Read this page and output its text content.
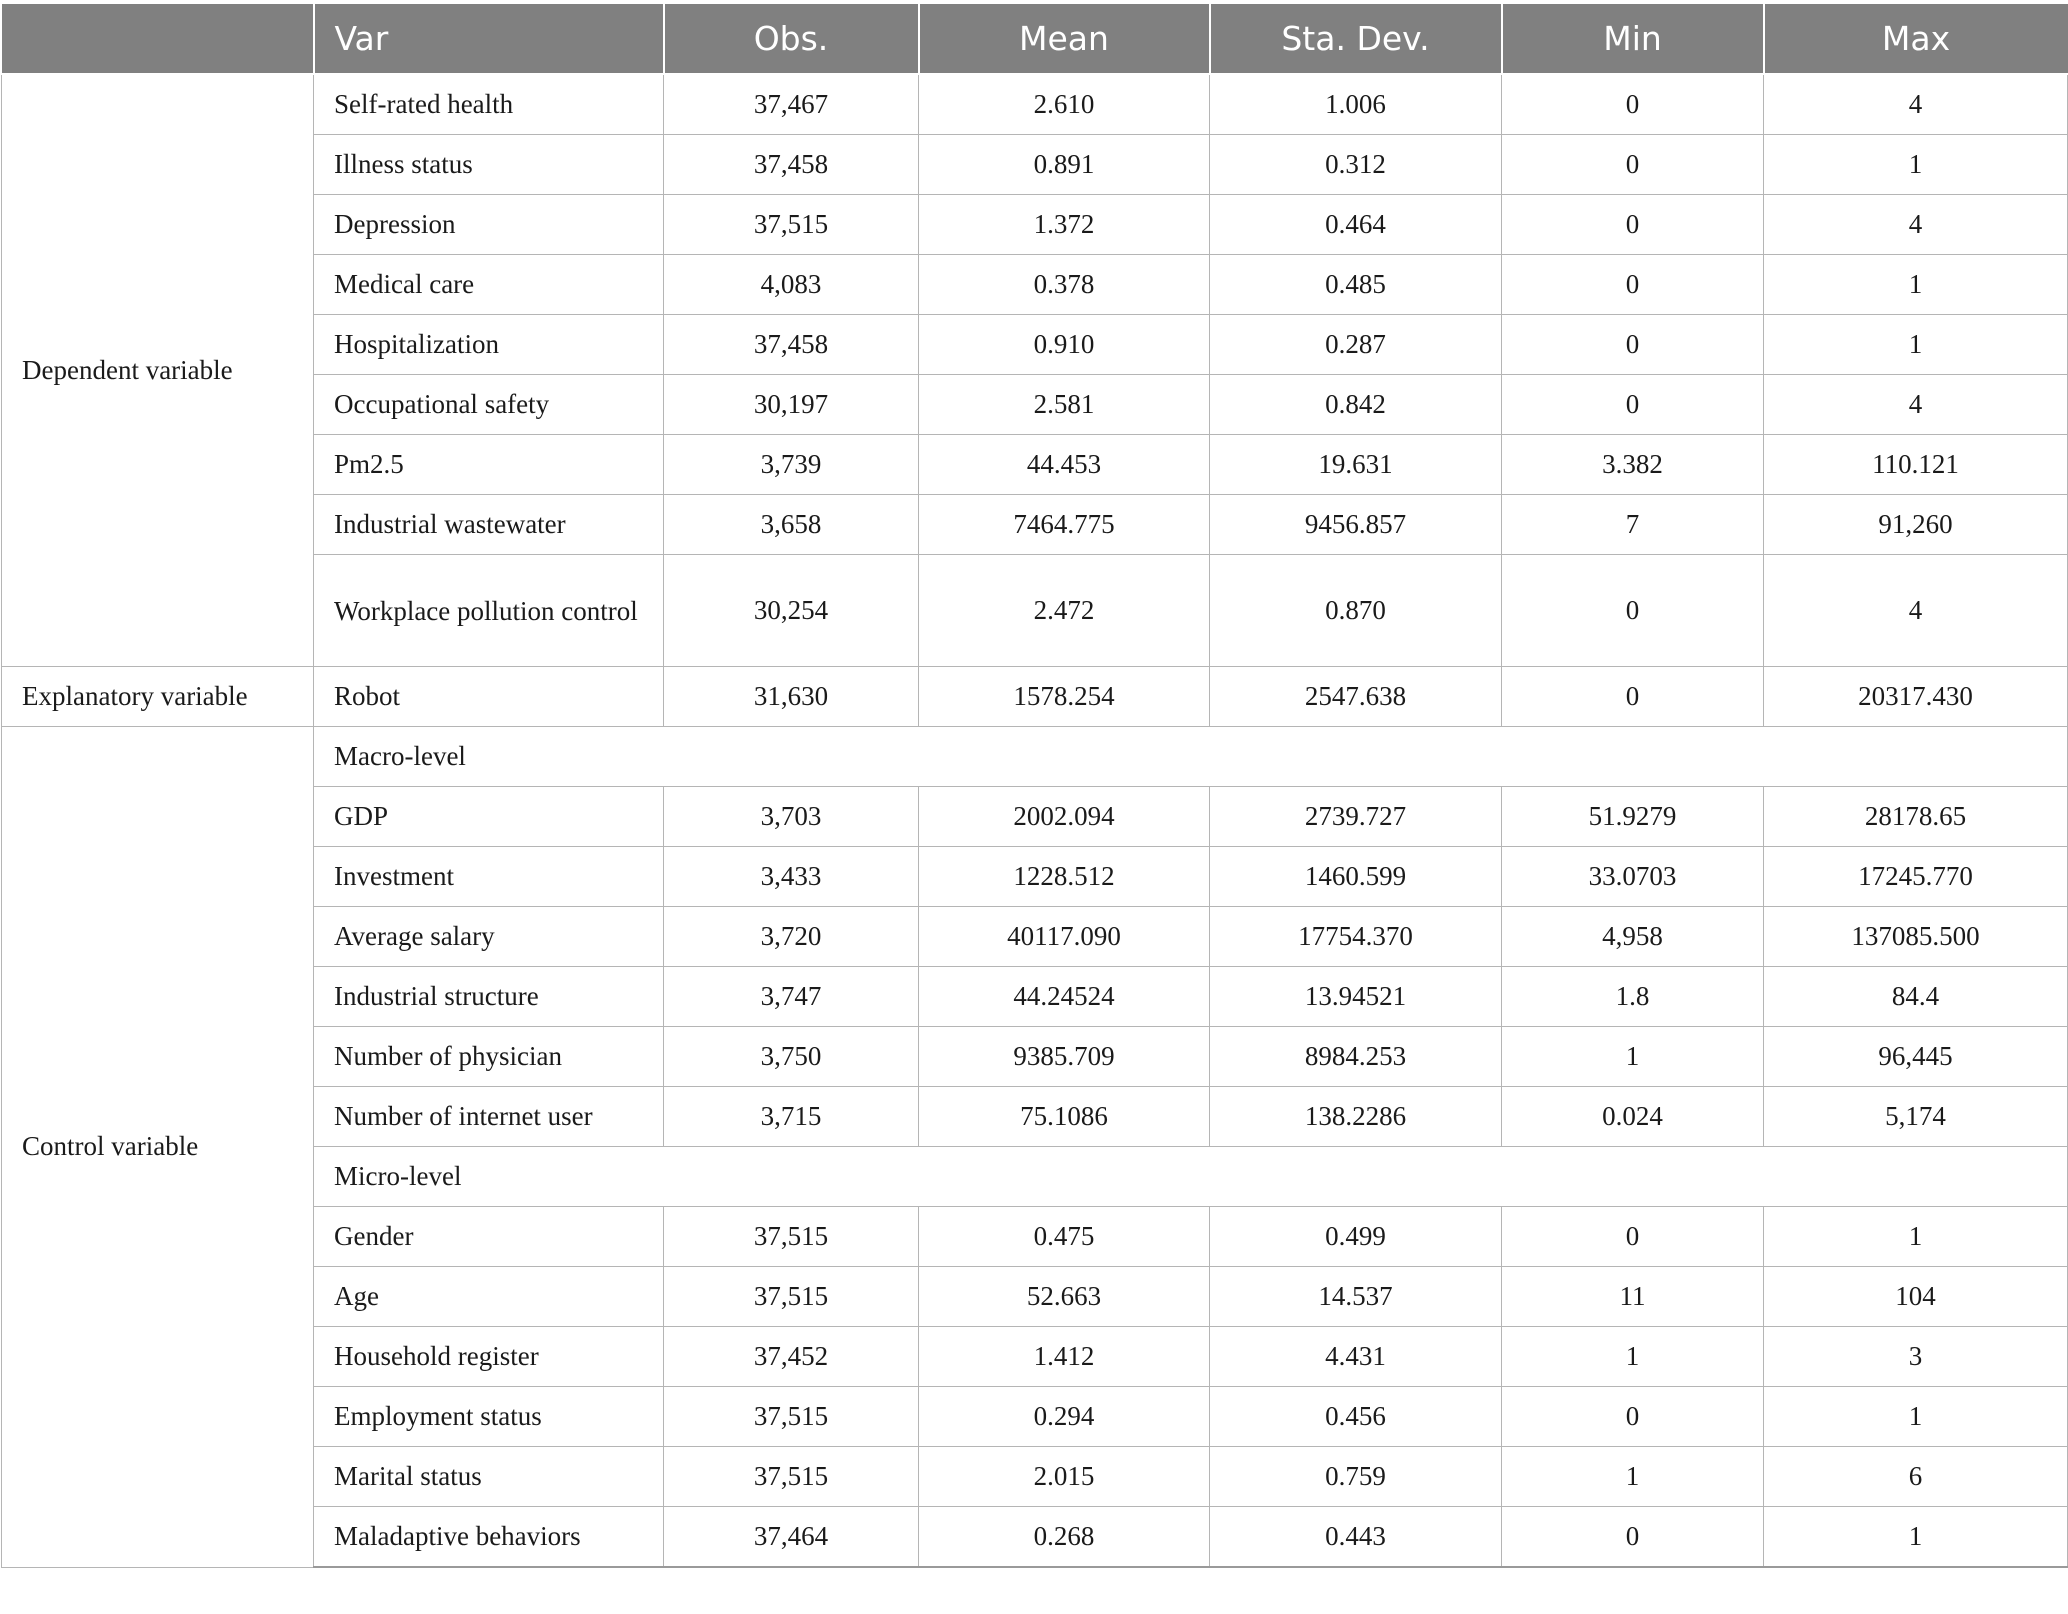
	Var	Obs.	Mean	Sta. Dev.	Min	Max
Dependent variable	Self-rated health	37,467	2.610	1.006	0	4
	Illness status	37,458	0.891	0.312	0	1
	Depression	37,515	1.372	0.464	0	4
	Medical care	4,083	0.378	0.485	0	1
	Hospitalization	37,458	0.910	0.287	0	1
	Occupational safety	30,197	2.581	0.842	0	4
	Pm2.5	3,739	44.453	19.631	3.382	110.121
	Industrial wastewater	3,658	7464.775	9456.857	7	91,260
	Workplace pollution control	30,254	2.472	0.870	0	4
Explanatory variable	Robot	31,630	1578.254	2547.638	0	20317.430
Control variable	Macro-level					
	GDP	3,703	2002.094	2739.727	51.9279	28178.65
	Investment	3,433	1228.512	1460.599	33.0703	17245.770
	Average salary	3,720	40117.090	17754.370	4,958	137085.500
	Industrial structure	3,747	44.24524	13.94521	1.8	84.4
	Number of physician	3,750	9385.709	8984.253	1	96,445
	Number of internet user	3,715	75.1086	138.2286	0.024	5,174
	Micro-level					
	Gender	37,515	0.475	0.499	0	1
	Age	37,515	52.663	14.537	11	104
	Household register	37,452	1.412	4.431	1	3
	Employment status	37,515	0.294	0.456	0	1
	Marital status	37,515	2.015	0.759	1	6
	Maladaptive behaviors	37,464	0.268	0.443	0	1
